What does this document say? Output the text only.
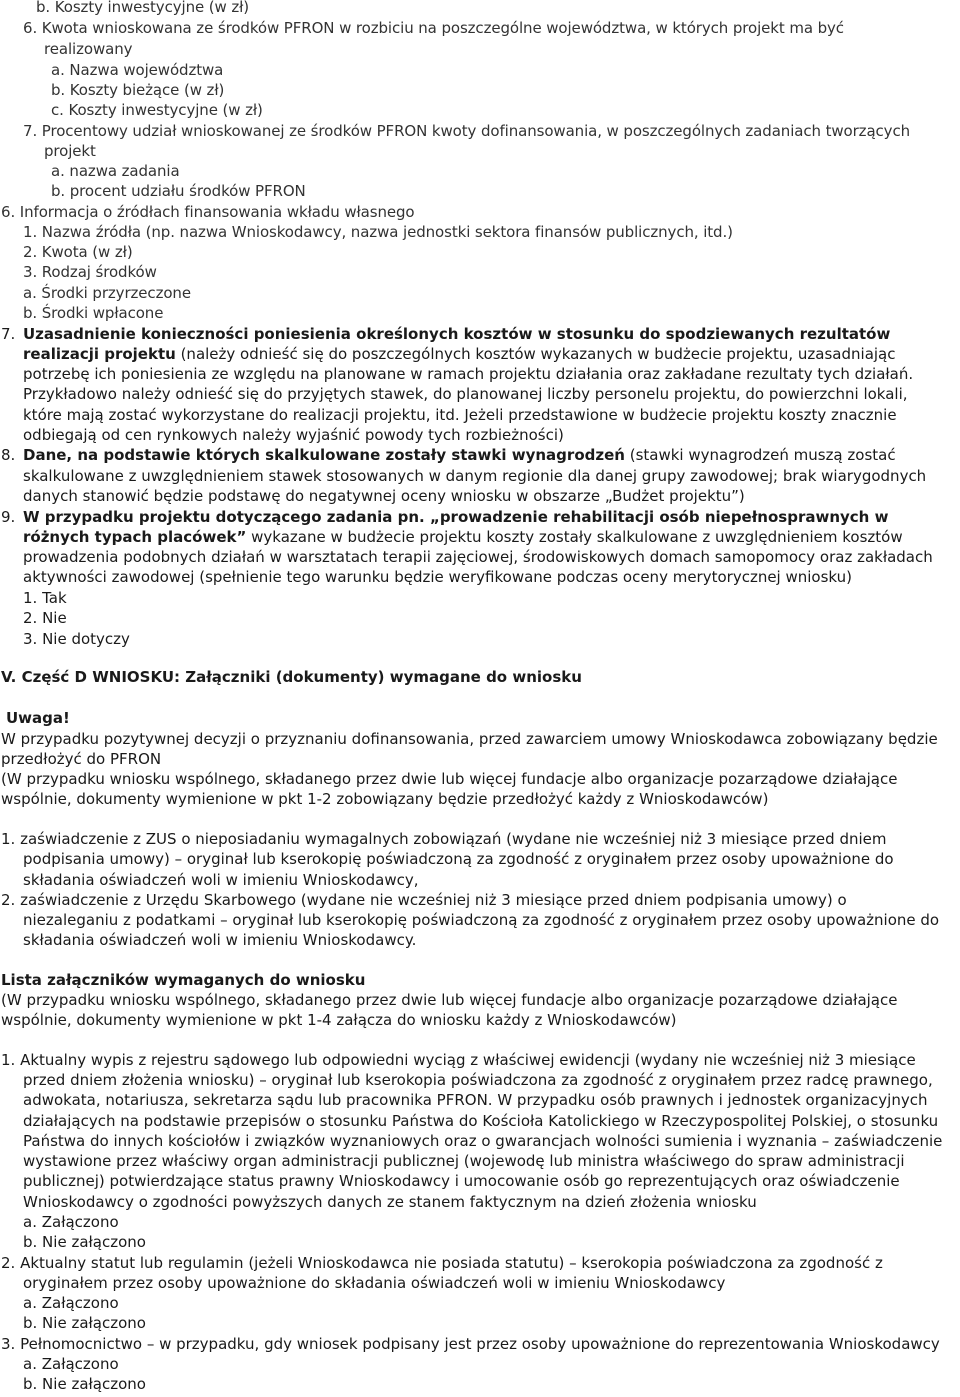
b. Koszty inwestycyjne (w zł)
6. Kwota wnioskowana ze środków PFRON w rozbiciu na poszczególne województwa, w których projekt ma być
realizowany
a. Nazwa województwa
b. Koszty bieżące (w zł)
c. Koszty inwestycyjne (w zł)
7. Procentowy udział wnioskowanej ze środków PFRON kwoty dofinansowania, w poszczególnych zadaniach tworzących
projekt
a. nazwa zadania
b. procent udziału środków PFRON
6. Informacja o źródłach finansowania wkładu własnego
1. Nazwa źródła (np. nazwa Wnioskodawcy, nazwa jednostki sektora finansów publicznych, itd.)
2. Kwota (w zł)
3. Rodzaj środków
a. Środki przyrzeczone
b. Środki wpłacone
7. Uzasadnienie konieczności poniesienia określonych kosztów w stosunku do spodziewanych rezultatów
realizacji projektu (należy odnieść się do poszczególnych kosztów wykazanych w budżecie projektu, uzasadniając
potrzebę ich poniesienia ze względu na planowane w ramach projektu działania oraz zakładane rezultaty tych działań.
Przykładowo należy odnieść się do przyjętych stawek, do planowanej liczby personelu projektu, do powierzchni lokali,
które mają zostać wykorzystane do realizacji projektu, itd. Jeżeli przedstawione w budżecie projektu koszty znacznie
odbiegają od cen rynkowych należy wyjaśnić powody tych rozbieżności)
8. Dane, na podstawie których skalkulowane zostały stawki wynagrodzeń (stawki wynagrodzeń muszą zostać
skalkulowane z uwzględnieniem stawek stosowanych w danym regionie dla danej grupy zawodowej; brak wiarygodnych
danych stanowić będzie podstawę do negatywnej oceny wniosku w obszarze „Budżet projektu”)
9. W przypadku projektu dotyczącego zadania pn. „prowadzenie rehabilitacji osób niepełnosprawnych w
różnych typach placówek” wykazane w budżecie projektu koszty zostały skalkulowane z uwzględnieniem kosztów
prowadzenia podobnych działań w warsztatach terapii zajęciowej, środowiskowych domach samopomocy oraz zakładach
aktywności zawodowej (spełnienie tego warunku będzie weryfikowane podczas oceny merytorycznej wniosku)
1. Tak
2. Nie
3. Nie dotyczy
V. Część D WNIOSKU: Załączniki (dokumenty) wymagane do wniosku
Uwaga!
W przypadku pozytywnej decyzji o przyznaniu dofinansowania, przed zawarciem umowy Wnioskodawca zobowiązany będzie
przedłożyć do PFRON
(W przypadku wniosku wspólnego, składanego przez dwie lub więcej fundacje albo organizacje pozarządowe działające
wspólnie, dokumenty wymienione w pkt 1-2 zobowiązany będzie przedłożyć każdy z Wnioskodawców)
1. zaświadczenie z ZUS o nieposiadaniu wymagalnych zobowiązań (wydane nie wcześniej niż 3 miesiące przed dniem
podpisania umowy) – oryginał lub kserokopię poświadczoną za zgodność z oryginałem przez osoby upoważnione do
składania oświadczeń woli w imieniu Wnioskodawcy,
2. zaświadczenie z Urzędu Skarbowego (wydane nie wcześniej niż 3 miesiące przed dniem podpisania umowy) o
niezaleganiu z podatkami – oryginał lub kserokopię poświadczoną za zgodność z oryginałem przez osoby upoważnione do
składania oświadczeń woli w imieniu Wnioskodawcy.
Lista załączników wymaganych do wniosku
(W przypadku wniosku wspólnego, składanego przez dwie lub więcej fundacje albo organizacje pozarządowe działające
wspólnie, dokumenty wymienione w pkt 1-4 załącza do wniosku każdy z Wnioskodawców)
1. Aktualny wypis z rejestru sądowego lub odpowiedni wyciąg z właściwej ewidencji (wydany nie wcześniej niż 3 miesiące
przed dniem złożenia wniosku) – oryginał lub kserokopia poświadczona za zgodność z oryginałem przez radcę prawnego,
adwokata, notariusza, sekretarza sądu lub pracownika PFRON. W przypadku osób prawnych i jednostek organizacyjnych
działających na podstawie przepisów o stosunku Państwa do Kościoła Katolickiego w Rzeczypospolitej Polskiej, o stosunku
Państwa do innych kościołów i związków wyznaniowych oraz o gwarancjach wolności sumienia i wyznania – zaświadczenie
wystawione przez właściwy organ administracji publicznej (wojewodę lub ministra właściwego do spraw administracji
publicznej) potwierdzające status prawny Wnioskodawcy i umocowanie osób go reprezentujących oraz oświadczenie
Wnioskodawcy o zgodności powyższych danych ze stanem faktycznym na dzień złożenia wniosku
a. Załączono
b. Nie załączono
2. Aktualny statut lub regulamin (jeżeli Wnioskodawca nie posiada statutu) – kserokopia poświadczona za zgodność z
oryginałem przez osoby upoważnione do składania oświadczeń woli w imieniu Wnioskodawcy
a. Załączono
b. Nie załączono
3. Pełnomocnictwo – w przypadku, gdy wniosek podpisany jest przez osoby upoważnione do reprezentowania Wnioskodawcy
a. Załączono
b. Nie załączono
